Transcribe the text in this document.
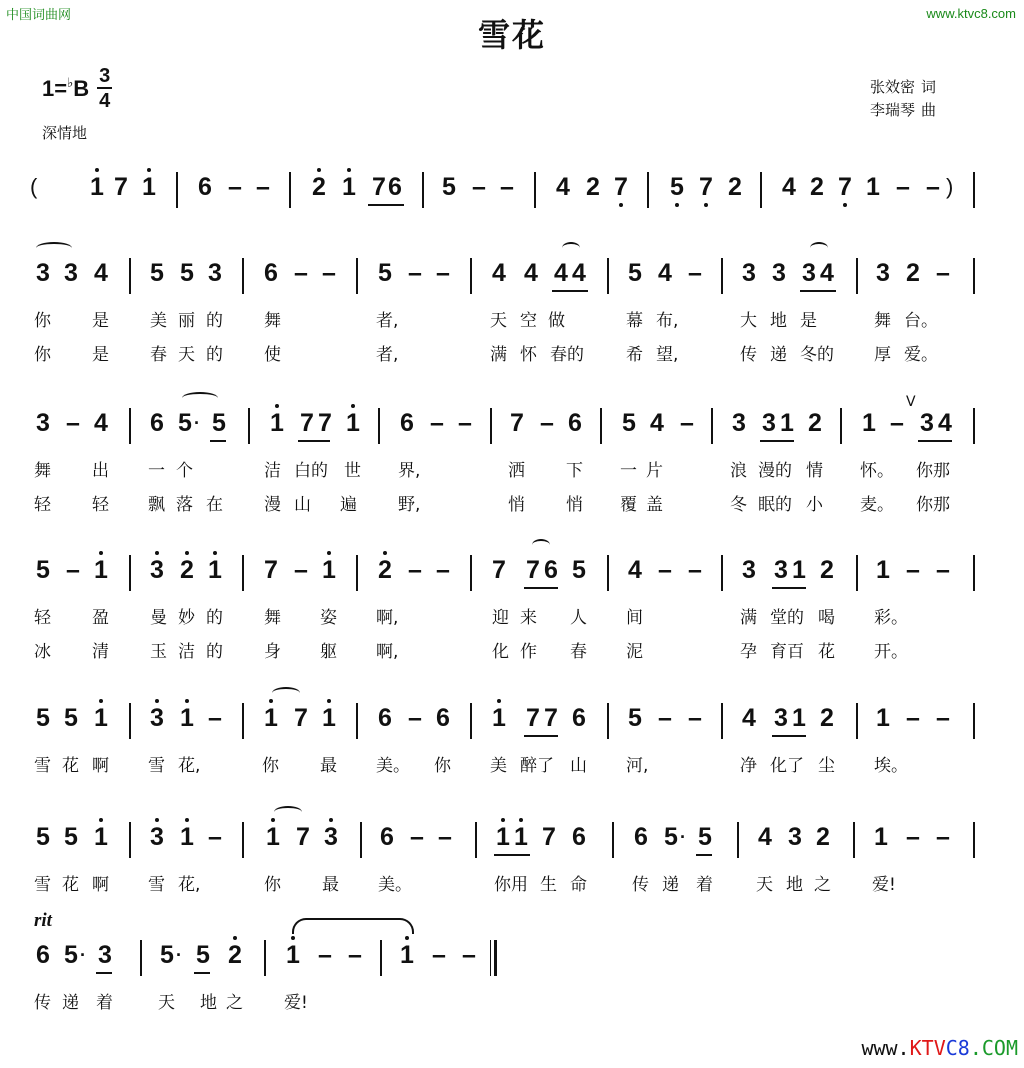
中国词曲网	www.ktvc8.com
雪花
1= ♭ B $\frac{3}{4}$
深情地
张效密 词
李瑞琴 曲
( 1 7 1 6 – – 2 1 7 6 5 – – 4 2 7 5 7 2 4 2 7 1 – – )
3 3 4 5 5 3 6 – – 5 – – 4 4 4 4 5 4 – 3 3 3 4 3 2 –
你 是 美 丽 的 舞	者,	天 空 做	幕 布,	大 地 是	舞 台。
你 是 春 天 的 使	者,	满 怀 春的 希 望,	传 递 冬的 厚 爱。
3 – 4 6 5 · 5 1 7 7 1 6 – – 7 – 6 5 4 – 3 3 1 2 1 –
V
3 4
舞 出 一 个	洁 白的 世 界,	洒 下 一 片	浪 漫的 情 怀。 你那
轻 轻 飘 落 在 漫 山 遍 野,	悄 悄 覆 盖	冬 眠的 小 麦。 你那
5 – 1 3 2 1 7 – 1 2 – – 7 7 6 5 4 – – 3 3 1 2 1 – –
轻 盈 曼 妙 的 舞 姿 啊,	迎 来 人 间	满 堂的 喝 彩。
冰 清 玉 洁 的 身 躯 啊,	化 作 春 泥	孕 育百 花 开。
5 5 1 3 1 – 1 7 1 6 – 6 1 7 7 6 5 – – 4 3 1 2 1 – –
雪 花 啊 雪 花,	你 最 美。 你 美 醉了 山 河,	净 化了 尘 埃。
5 5 1 3 1 – 1 7 3 6 – – 1 1 7 6 6 5 · 5 4 3 2 1 – –
雪 花 啊 雪 花,	你 最 美。	你用 生 命	传 递 着	天 地 之 爱!
rit
6 5 · 3 5 · 5 2 1 – – 1 – –
传 递 着	天 地 之 爱!
www.KTVC8.COM
